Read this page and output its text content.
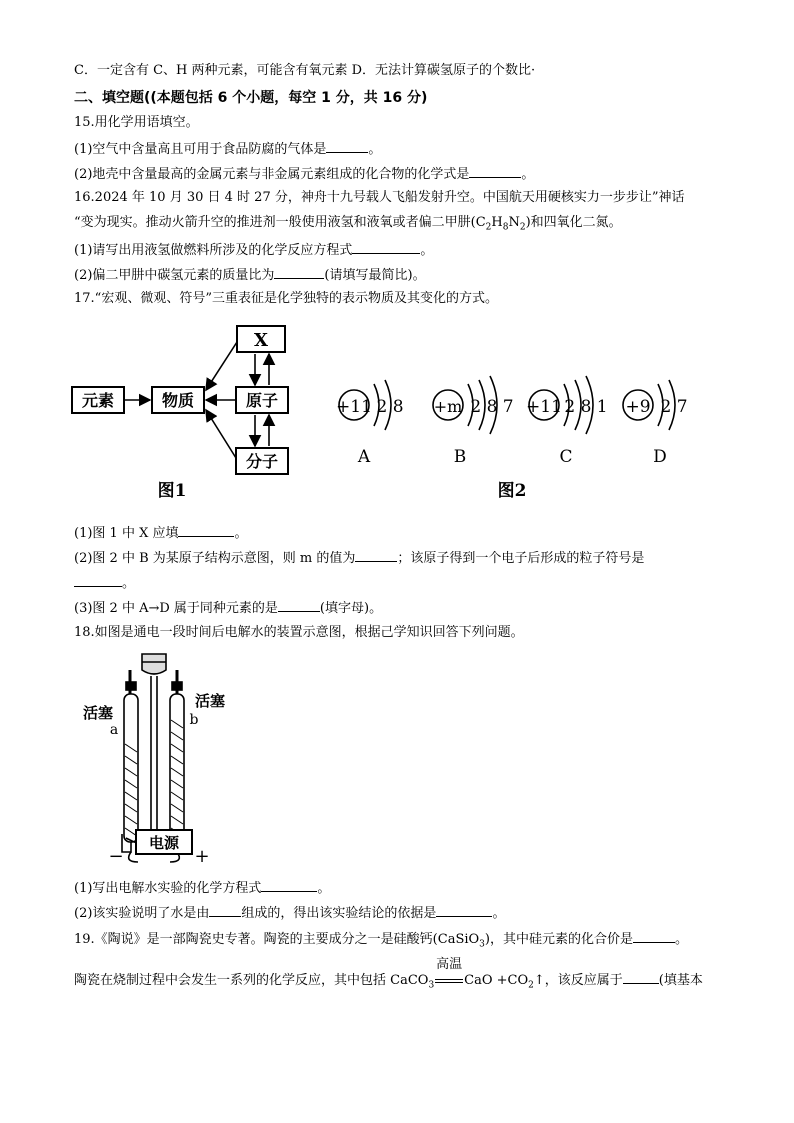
C．一定含有 C、H 两种元素，可能含有氧元素 D．无法计算碳氢原子的个数比·
二、填空题((本题包括 6 个小题，每空 1 分，共 16 分)
15.用化学用语填空。
(1)空气中含量高且可用于食品防腐的气体是	。
(2)地壳中含量最高的金属元素与非金属元素组成的化合物的化学式是	。
16.2024 年 10 月 30 日 4 时 27 分，神舟十九号载人飞船发射升空。中国航天用硬核实力一步步让”神话
“变为现实。推动火箭升空的推进剂一般使用液氢和液氧或者偏二甲肼$(C_2H_8N_2)$和四氧化二氮。
(1)请写出用液氢做燃料所涉及的化学反应方程式	。
(2)偏二甲肼中碳氢元素的质量比为	(请填写最简比)。
17.“宏观、微观、符号”三重表征是化学独特的表示物质及其变化的方式。
X
元素	物质	原子
分子
图1
+11 2 8 +m 2 8 7 +11 2 8 1 +9 2 7
A	B	C	D
图2
(1)图 1 中 X 应填	。
(2)图 2 中 B 为某原子结构示意图，则 m 的值为	；该原子得到一个电子后形成的粒子符号是
。
(3)图 2 中 A→D 属于同种元素的是	(填字母)。
18.如图是通电一段时间后电解水的装置示意图，根据己学知识回答下列问题。
电源
−	+
活塞
活塞
a
b
(1)写出电解水实验的化学方程式	。
(2)该实验说明了水是由 组成的，得出该实验结论的依据是	。
19.《陶说》是一部陶瓷史专著。陶瓷的主要成分之一是硅酸钙(CaSiO$_3$)，其中硅元素的化合价是	。
陶瓷在烧制过程中会发生一系列的化学反应，其中包括 CaCO$_3$
高温
CaO $+CO_2↑$，该反应属于	(填基本
